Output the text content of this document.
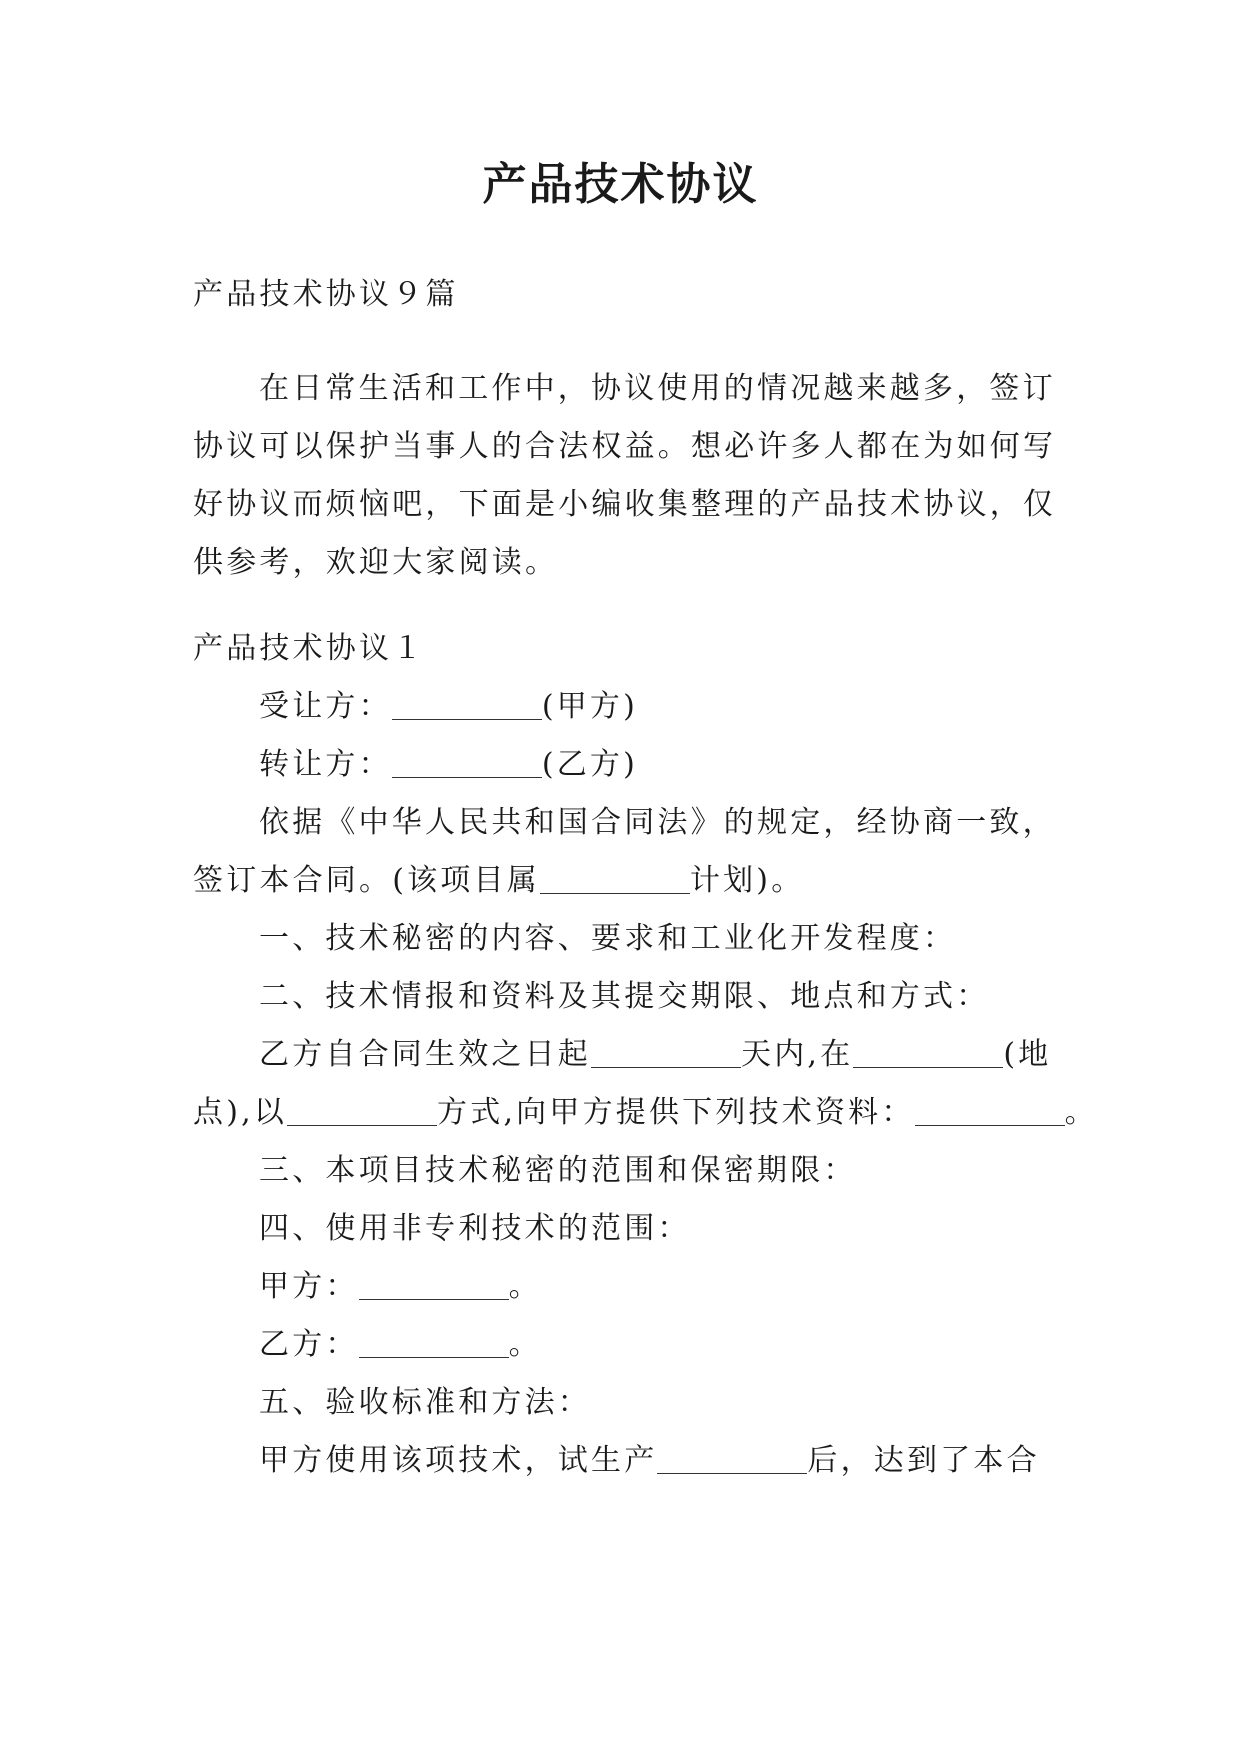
产品技术协议
产品技术协议９篇
在日常生活和工作中，协议使用的情况越来越多，签订
协议可以保护当事人的合法权益。想必许多人都在为如何写
好协议而烦恼吧，下面是小编收集整理的产品技术协议，仅
供参考，欢迎大家阅读。
产品技术协议１
受让方：	(甲方)
转让方：	(乙方)
依据《中华人民共和国合同法》的规定，经协商一致，
签订本合同。(该项目属	计划)。
一、技术秘密的内容、要求和工业化开发程度：
二、技术情报和资料及其提交期限、地点和方式：
乙方自合同生效之日起	天内,在	(地
点),以	方式,向甲方提供下列技术资料：	。
三、本项目技术秘密的范围和保密期限：
四、使用非专利技术的范围：
甲方：	。
乙方：	。
五、验收标准和方法：
甲方使用该项技术，试生产	后，达到了本合
